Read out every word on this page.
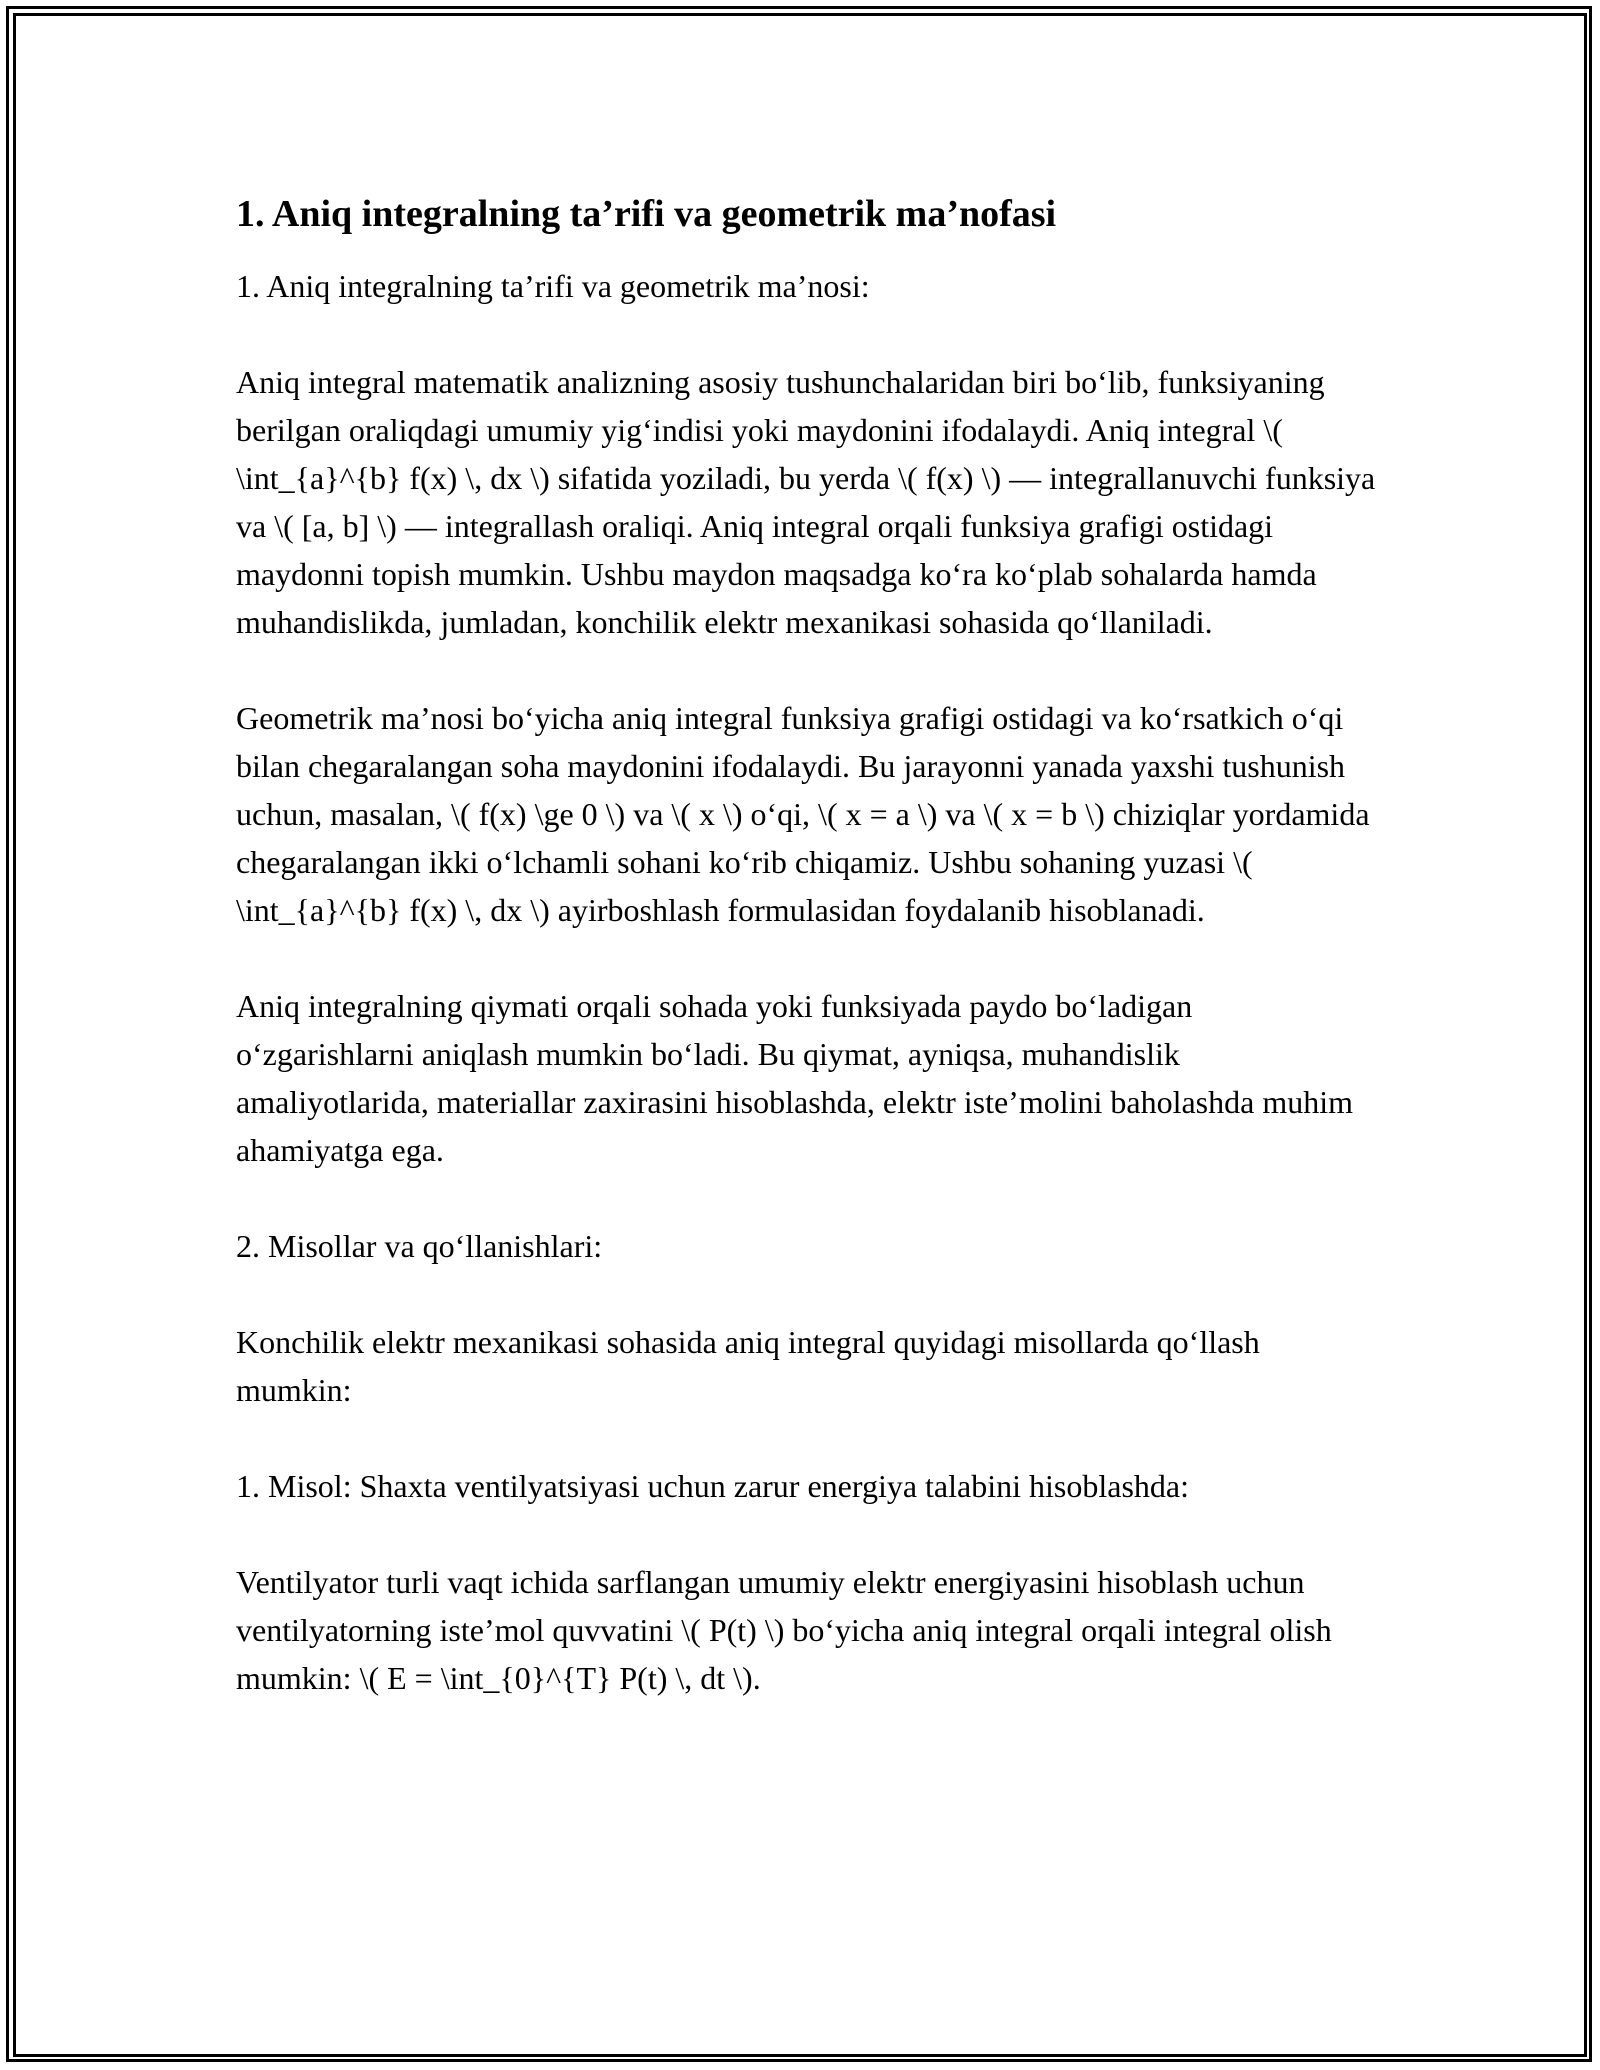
1. Aniq integralning ta’rifi va geometrik ma’nofasi

1. Aniq integralning ta’rifi va geometrik ma’nosi:

Aniq integral matematik analizning asosiy tushunchalaridan biri bo‘lib, funksiyaning berilgan oraliqdagi umumiy yig‘indisi yoki maydonini ifodalaydi. Aniq integral \( \int_{a}^{b} f(x) \, dx \) sifatida yoziladi, bu yerda \( f(x) \) — integrallanuvchi funksiya va \( [a, b] \) — integrallash oraliqi. Aniq integral orqali funksiya grafigi ostidagi maydonni topish mumkin. Ushbu maydon maqsadga ko‘ra ko‘plab sohalarda hamda muhandislikda, jumladan, konchilik elektr mexanikasi sohasida qo‘llaniladi.

Geometrik ma’nosi bo‘yicha aniq integral funksiya grafigi ostidagi va ko‘rsatkich o‘qi bilan chegaralangan soha maydonini ifodalaydi. Bu jarayonni yanada yaxshi tushunish uchun, masalan, \( f(x) \ge 0 \) va \( x \) o‘qi, \( x = a \) va \( x = b \) chiziqlar yordamida chegaralangan ikki o‘lchamli sohani ko‘rib chiqamiz. Ushbu sohaning yuzasi \( \int_{a}^{b} f(x) \, dx \) ayirboshlash formulasidan foydalanib hisoblanadi.

Aniq integralning qiymati orqali sohada yoki funksiyada paydo bo‘ladigan o‘zgarishlarni aniqlash mumkin bo‘ladi. Bu qiymat, ayniqsa, muhandislik amaliyotlarida, materiallar zaxirasini hisoblashda, elektr iste’molini baholashda muhim ahamiyatga ega.

2. Misollar va qo‘llanishlari:

Konchilik elektr mexanikasi sohasida aniq integral quyidagi misollarda qo‘llash mumkin:

1. Misol: Shaxta ventilyatsiyasi uchun zarur energiya talabini hisoblashda:

Ventilyator turli vaqt ichida sarflangan umumiy elektr energiyasini hisoblash uchun ventilyatorning iste’mol quvvatini \( P(t) \) bo‘yicha aniq integral orqali integral olish mumkin: \( E = \int_{0}^{T} P(t) \, dt \).
